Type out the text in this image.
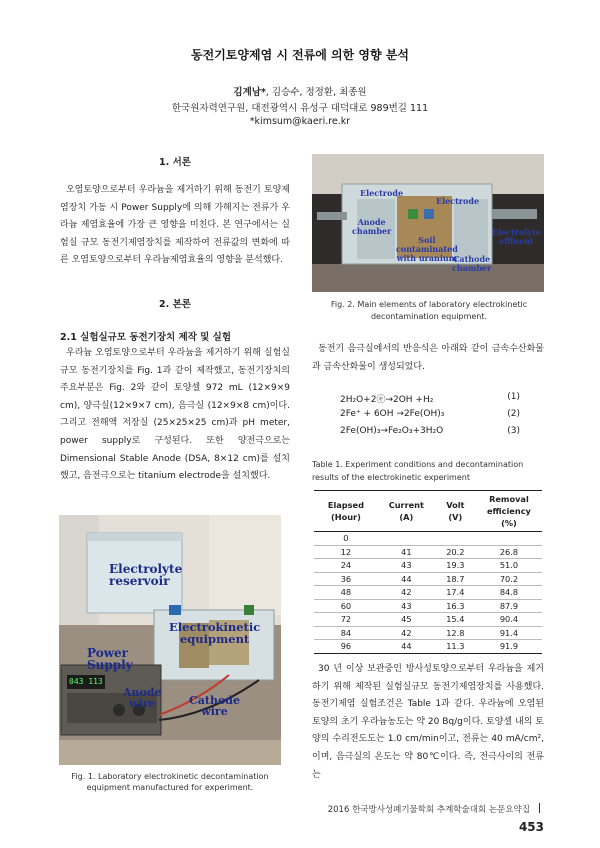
동전기토양제염 시 전류에 의한 영향 분석
김계남*, 김승수, 정정환, 최종원
한국원자력연구원, 대전광역시 유성구 대덕대로 989번길 111
*kimsum@kaeri.re.kr
1. 서론
오염토양으로부터 우라늄을 제거하기 위해 동전기 토양제염장치 가동 시 Power Supply에 의해 가해지는 전류가 우라늄 제염효율에 가장 큰 영향을 미친다. 본 연구에서는 실험실 규모 동전기제염장치를 제작하여 전류값의 변화에 따른 오염토양으로부터 우라늄제염효율의 영향을 분석했다.
2. 본론
2.1 실험실규모 동전기장치 제작 및 실험
우라늄 오염토양으로부터 우라늄을 제거하기 위해 실험실규모 동전기장치를 Fig. 1과 같이 제작했고, 동전기장치의 주요부분은 Fig. 2와 같이 토양셀 972 mL (12×9×9 cm), 양극실(12×9×7 cm), 음극실 (12×9×8 cm)이다. 그리고 전해액 저장실 (25×25×25 cm)과 pH meter, power supply로 구성된다. 또한 양전극으로는 Dimensional Stable Anode (DSA, 8×12 cm)를 설치했고, 음전극으로는 titanium electrode을 설치했다.
Electrolyte
reservoir
Electrokinetic
equipment
Power
Supply
Anode
wire	Cathode
wire
043 113
Fig. 1. Laboratory electrokinetic decontamination
equipment manufactured for experiment.
Electrode
Electrode
Anode
chamber
Soil
contaminated
with uranium
Cathode
chamber
Electrolyte
effluent
Fig. 2. Main elements of laboratory electrokinetic
decontamination equipment.
동전기 음극실에서의 반응식은 아래와 같이 금속수산화물과 금속산화물이 생성되었다.
2H₂O+2ⓔ→2OH +H₂	(1)
2Fe⁺ + 6OH →2Fe(OH)₃	(2)
2Fe(OH)₃→Fe₂O₃+3H₂O	(3)
Table 1. Experiment conditions and decontamination
results of the electrokinetic experiment
Elapsed
(Hour)	Current
(A)	Volt
(V)	Removal
efficiency
(%)
0			
12	41	20.2	26.8
24	43	19.3	51.0
36	44	18.7	70.2
48	42	17.4	84.8
60	43	16.3	87.9
72	45	15.4	90.4
84	42	12.8	91.4
96	44	11.3	91.9
30 년 이상 보관중인 방사성토양으로부터 우라늄을 제거하기 위해 제작된 실험실규모 동전기제염장치를 사용했다. 동전기제염 실험조건은 Table 1과 같다. 우라늄에 오염된 토양의 초기 우라늄농도는 약 20 Bq/g이다. 토양셀 내의 토양의 수리전도도는 1.0 cm/min이고, 전류는 40 mA/cm², 이며, 음극실의 온도는 약 80℃이다. 즉, 전극사이의 전류는
2016 한국방사성폐기물학회 추계학술대회 논문요약집  453
